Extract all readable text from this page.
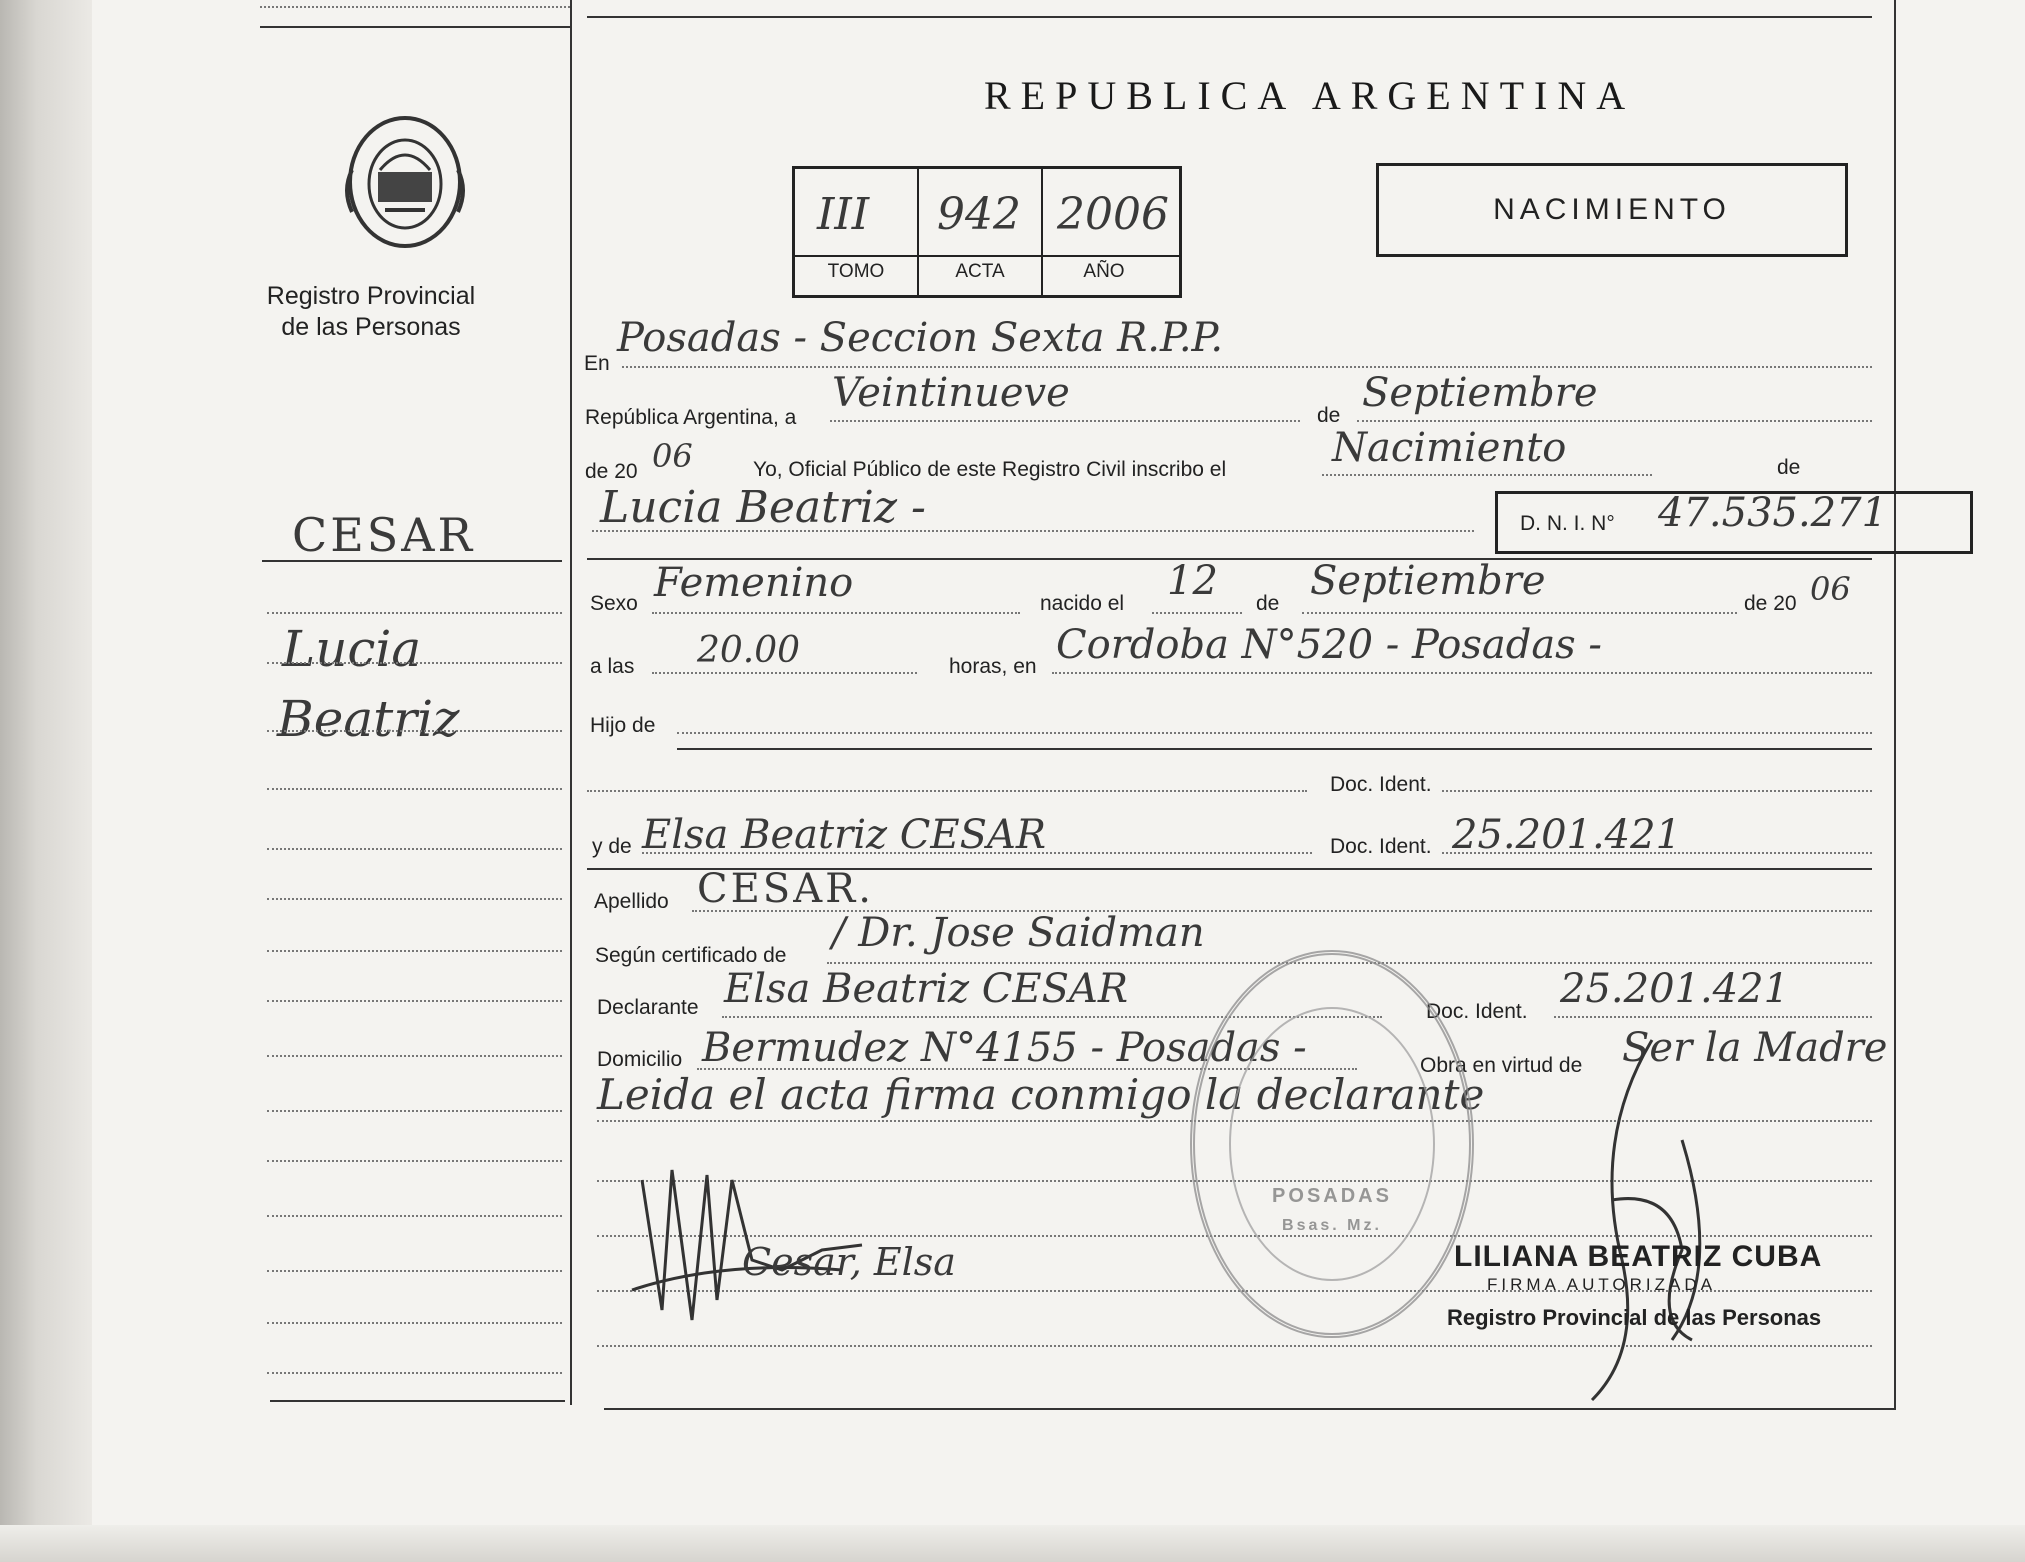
Registro Provincial
de las Personas
CESAR
Lucia
Beatriz
REPUBLICA ARGENTINA
III 942 2006
TOMO	ACTA	AÑO
NACIMIENTO
En
Posadas - Seccion Sexta R.P.P.
República Argentina, a
Veintinueve	de Septiembre
de 20 06	Yo, Oficial Público de este Registro Civil inscribo el	Nacimiento	de
Lucia Beatriz -	D. N. I. N° 47.535.271
Sexo Femenino	nacido el 12 de Septiembre	de 20 06
a las 20.00	horas, en Cordoba N°520 - Posadas -
Hijo de
Doc. Ident.
y de Elsa Beatriz CESAR	Doc. Ident. 25.201.421
Apellido CESAR.
Según certificado de / Dr. Jose Saidman
Declarante Elsa Beatriz CESAR	Doc. Ident. 25.201.421
Domicilio Bermudez N°4155 - Posadas -	Obra en virtud de Ser la Madre
Leida el acta firma conmigo la declarante
Cesar, Elsa
POSADAS
Bsas. Mz.
LILIANA BEATRIZ CUBA
FIRMA AUTORIZADA
Registro Provincial de las Personas
